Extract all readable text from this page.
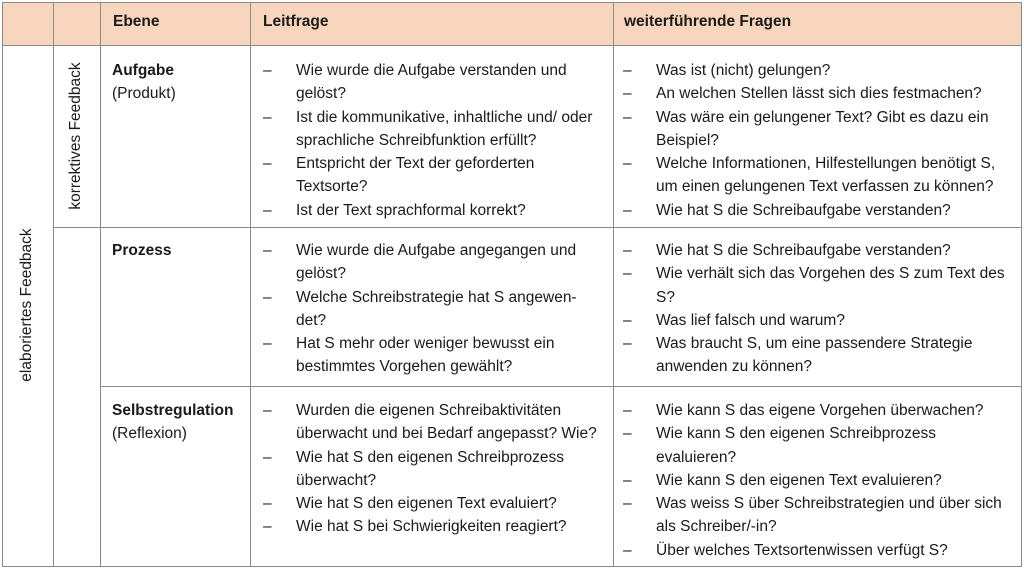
Ebene	Leitfrage	weiterführende Fragen
elaboriertes Feedback
korrektives Feedback Aufgabe
(Produkt)
– Wie wurde die Aufgabe verstanden und gelöst?
– Ist die kommunikative, inhaltliche und/ oder sprachliche Schreibfunktion erfüllt?
– Entspricht der Text der geforderten Textsorte?
– Ist der Text sprachformal korrekt?
– Was ist (nicht) gelungen?
– An welchen Stellen lässt sich dies festmachen?
– Was wäre ein gelungener Text? Gibt es dazu ein Beispiel?
– Welche Informationen, Hilfestellungen benötigt S, um einen gelungenen Text verfassen zu können?
– Wie hat S die Schreibaufgabe verstanden?
Prozess
–	Wie wurde die Aufgabe angegangen und gelöst?
– Welche Schreibstrategie hat S angewen- det?
– Hat S mehr oder weniger bewusst ein bestimmtes Vorgehen gewählt?
– Wie hat S die Schreibaufgabe verstanden?
– Wie verhält sich das Vorgehen des S zum Text des S?
– Was lief falsch und warum?
– Was braucht S, um eine passendere Strategie anwenden zu können?
Selbstregulation
(Reflexion)
– Wurden die eigenen Schreibaktivitäten überwacht und bei Bedarf angepasst? Wie?
– Wie hat S den eigenen Schreibprozess überwacht?
– Wie hat S den eigenen Text evaluiert?
– Wie hat S bei Schwierigkeiten reagiert?
– Wie kann S das eigene Vorgehen überwachen?
– Wie kann S den eigenen Schreibprozess evaluieren?
– Wie kann S den eigenen Text evaluieren?
– Was weiss S über Schreibstrategien und über sich als Schreiber/-in?
– Über welches Textsortenwissen verfügt S?
